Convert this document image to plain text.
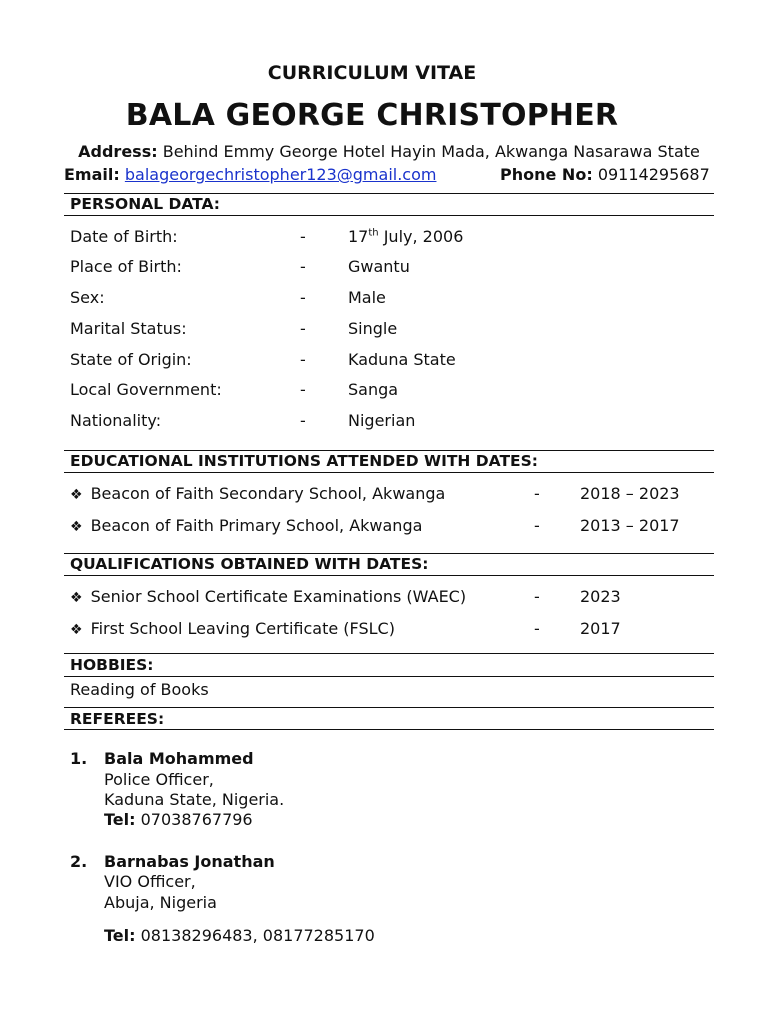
CURRICULUM VITAE
BALA GEORGE CHRISTOPHER
Address: Behind Emmy George Hotel Hayin Mada, Akwanga Nasarawa State
Email: balageorgechristopher123@gmail.com	Phone No: 09114295687
PERSONAL DATA:
Date of Birth:	-	17th July, 2006
Place of Birth:	-	Gwantu
Sex:	-	Male
Marital Status:	-	Single
State of Origin:	-	Kaduna State
Local Government:	-	Sanga
Nationality:	-	Nigerian
EDUCATIONAL INSTITUTIONS ATTENDED WITH DATES:
❖ Beacon of Faith Secondary School, Akwanga	-	2018 – 2023
❖ Beacon of Faith Primary School, Akwanga	-	2013 – 2017
QUALIFICATIONS OBTAINED WITH DATES:
❖ Senior School Certificate Examinations (WAEC)	-	2023
❖ First School Leaving Certificate (FSLC)	-	2017
HOBBIES:
Reading of Books
REFEREES:
1. Bala Mohammed
Police Officer,
Kaduna State, Nigeria.
Tel: 07038767796
2. Barnabas Jonathan
VIO Officer,
Abuja, Nigeria
Tel: 08138296483, 08177285170
